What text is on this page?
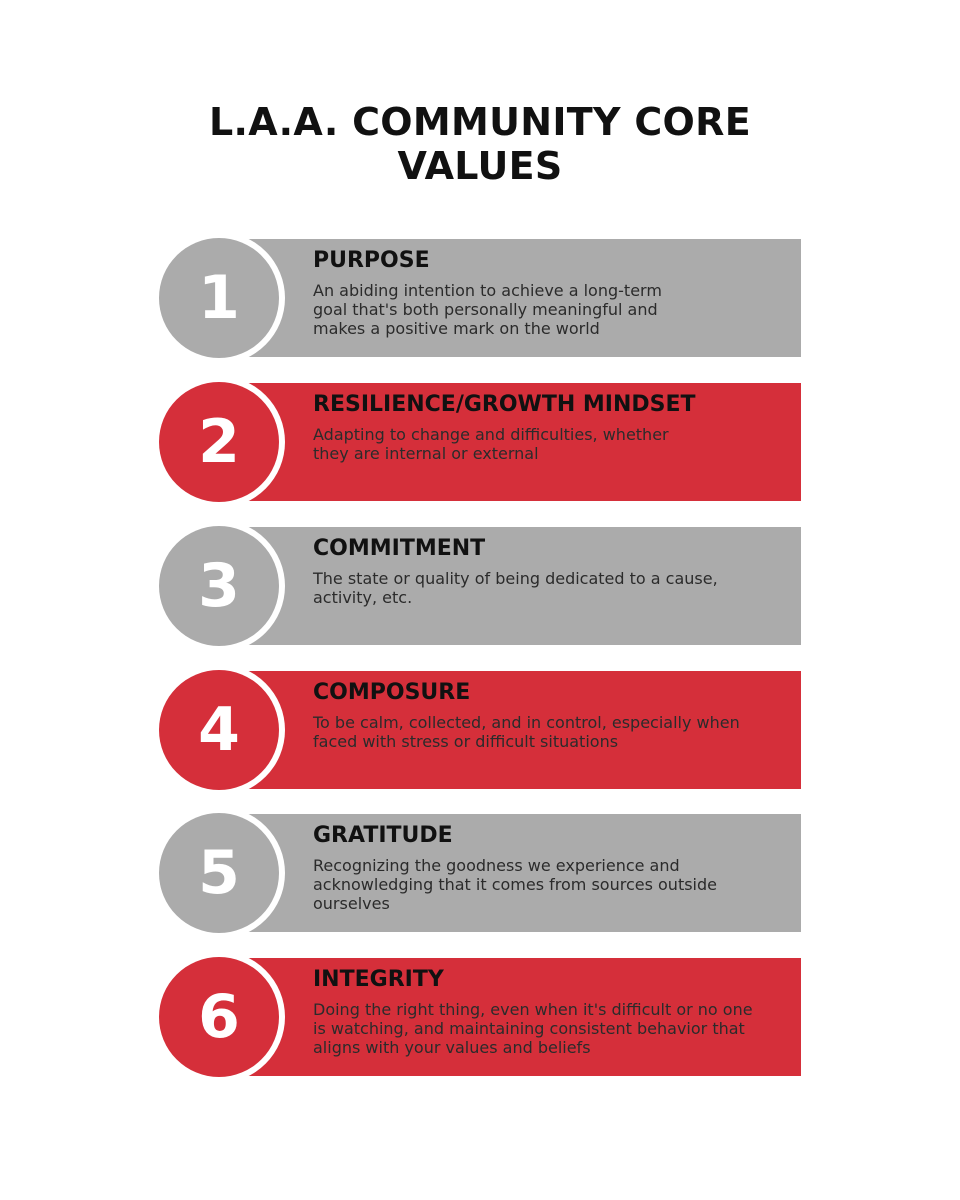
L.A.A. COMMUNITY CORE
VALUES
1
PURPOSE
An abiding intention to achieve a long-term
goal that's both personally meaningful and
makes a positive mark on the world
2
RESILIENCE/GROWTH MINDSET
Adapting to change and difficulties, whether
they are internal or external
3
COMMITMENT
The state or quality of being dedicated to a cause,
activity, etc.
4
COMPOSURE
To be calm, collected, and in control, especially when
faced with stress or difficult situations
5
GRATITUDE
Recognizing the goodness we experience and
acknowledging that it comes from sources outside
ourselves
6
INTEGRITY
Doing the right thing, even when it's difficult or no one
is watching, and maintaining consistent behavior that
aligns with your values and beliefs
